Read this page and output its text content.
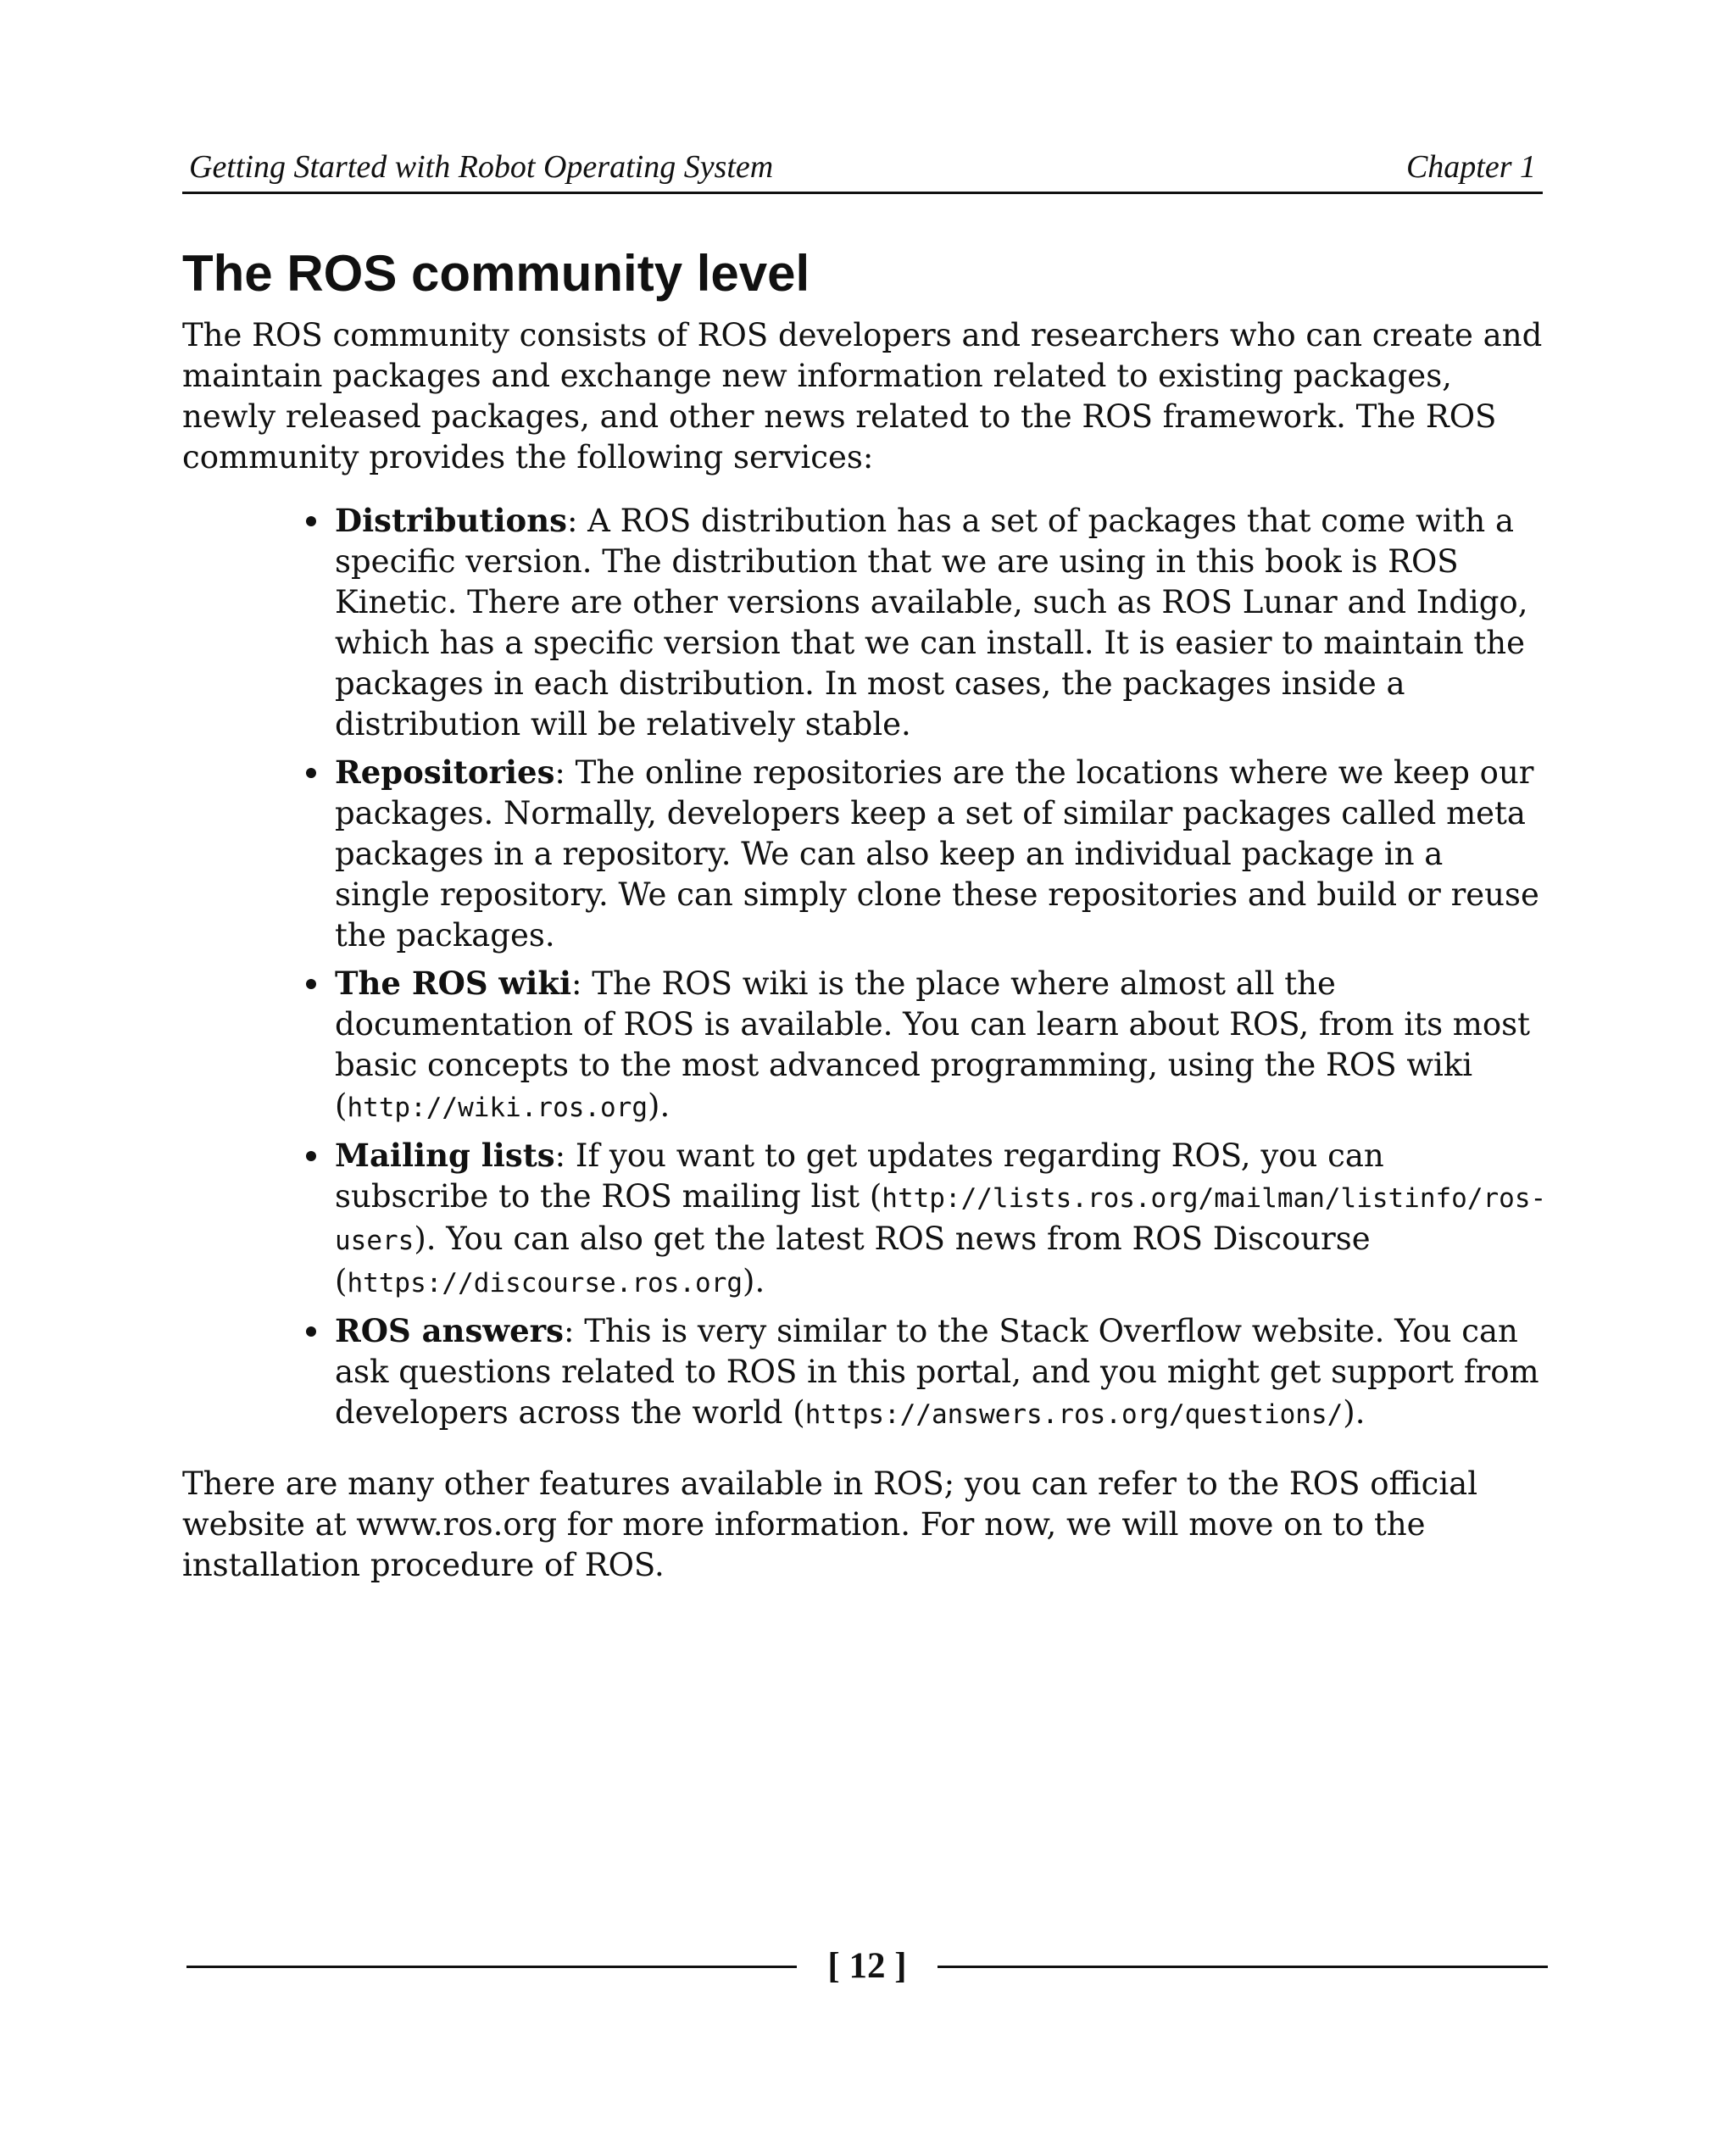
Getting Started with Robot Operating System	Chapter 1
The ROS community level

The ROS community consists of ROS developers and researchers who can create and maintain packages and exchange new information related to existing packages, newly released packages, and other news related to the ROS framework. The ROS community provides the following services:

Distributions: A ROS distribution has a set of packages that come with a specific version. The distribution that we are using in this book is ROS Kinetic. There are other versions available, such as ROS Lunar and Indigo, which has a specific version that we can install. It is easier to maintain the packages in each distribution. In most cases, the packages inside a distribution will be relatively stable.
Repositories: The online repositories are the locations where we keep our packages. Normally, developers keep a set of similar packages called meta packages in a repository. We can also keep an individual package in a single repository. We can simply clone these repositories and build or reuse the packages.
The ROS wiki: The ROS wiki is the place where almost all the documentation of ROS is available. You can learn about ROS, from its most basic concepts to the most advanced programming, using the ROS wiki (http://wiki.ros.org).
Mailing lists: If you want to get updates regarding ROS, you can subscribe to the ROS mailing list (http://lists.ros.org/mailman/listinfo/ros-users). You can also get the latest ROS news from ROS Discourse (https://discourse.ros.org).
ROS answers: This is very similar to the Stack Overflow website. You can ask questions related to ROS in this portal, and you might get support from developers across the world (https://answers.ros.org/questions/).

There are many other features available in ROS; you can refer to the ROS official website at www.ros.org for more information. For now, we will move on to the installation procedure of ROS.

[ 12 ]
